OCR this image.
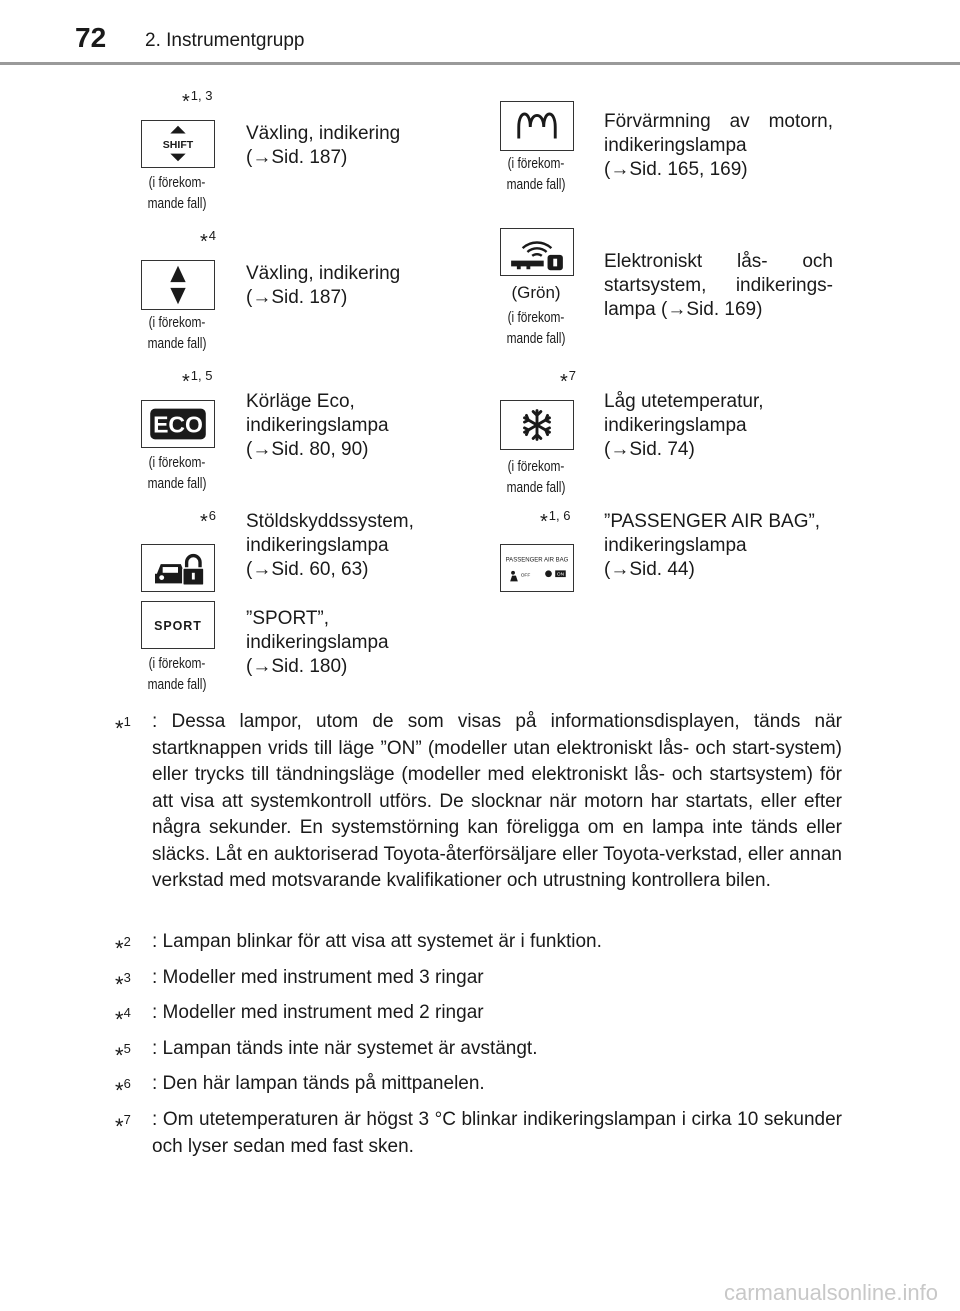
72 2. Instrumentgrupp
*1, 3
SHIFT
(i förekom-
mande fall)
Växling, indikering
(→Sid. 187)
*4
(i förekom-
mande fall)
Växling, indikering
(→Sid. 187)
*1, 5
ECO
(i förekom-
mande fall)
Körläge Eco,
indikeringslampa
(→Sid. 80, 90)
*6 Stöldskyddssystem,
indikeringslampa
(→Sid. 60, 63)
SPORT
(i förekom-
mande fall)
”SPORT”,
indikeringslampa
(→Sid. 180)
(i förekom-
mande fall)
Förvärmning av motorn,
indikeringslampa
(→Sid. 165, 169)
(Grön)
(i förekom-
mande fall)
Elektroniskt lås- och
startsystem, indikerings-
lampa (→Sid. 169)
*7
(i förekom-
mande fall)
Låg utetemperatur,
indikeringslampa
(→Sid. 74)
*1, 6
PASSENGER AIR BAG
OFF	ON
”PASSENGER AIR BAG”,
indikeringslampa
(→Sid. 44)
*$^1$ : Dessa lampor, utom de som visas på informationsdisplayen, tänds när startknappen vrids till läge ”ON” (modeller utan elektroniskt lås- och start-system) eller trycks till tändningsläge (modeller med elektroniskt lås- och startsystem) för att visa att systemkontroll utförs. De slocknar när motorn har startats, eller efter några sekunder. En systemstörning kan föreligga om en lampa inte tänds eller släcks. Låt en auktoriserad Toyota-återförsäljare eller Toyota-verkstad, eller annan verkstad med motsvarande kvalifikationer och utrustning kontrollera bilen.
*$^2$ : Lampan blinkar för att visa att systemet är i funktion.
*$^3$ : Modeller med instrument med 3 ringar
*$^4$ : Modeller med instrument med 2 ringar
*$^5$ : Lampan tänds inte när systemet är avstängt.
*$^6$ : Den här lampan tänds på mittpanelen.
*$^7$ : Om utetemperaturen är högst 3 °C blinkar indikeringslampan i cirka 10 sekunder och lyser sedan med fast sken.
carmanualsonline.info
